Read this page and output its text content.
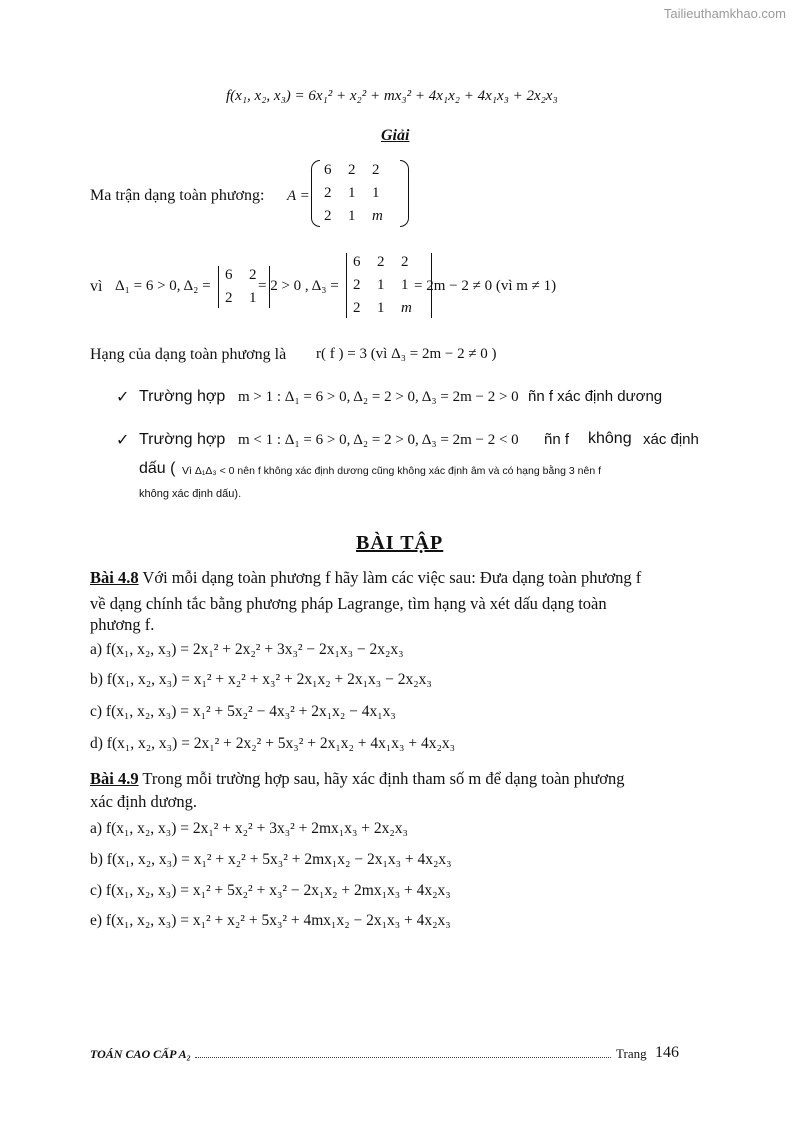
Tailieuthamkhao.com
f(x₁, x₂, x₃) = 6x₁² + x₂² + mx₃² + 4x₁x₂ + 4x₁x₃ + 2x₂x₃
Giải
Ma trận dạng toàn phương: A =
6	2	2
2	1	1
2	1	m
vì Δ₁ = 6 > 0, Δ₂ =
6	2
2	1
= 2 > 0 , Δ₃ =
6	2	2
2	1	1
2	1	m
= 2m − 2 ≠ 0 (vì m ≠ 1)
Hạng của dạng toàn phương là r( f ) = 3 (vì Δ₃ = 2m − 2 ≠ 0 )
✓ Trường hợp m > 1 : Δ₁ = 6 > 0, Δ₂ = 2 > 0, Δ₃ = 2m − 2 > 0 ñn f xác định dương
✓ Trường hợp m < 1 : Δ₁ = 6 > 0, Δ₂ = 2 > 0, Δ₃ = 2m − 2 < 0 ñn f không xác định
dấu ( Vì Δ₁Δ₃ < 0 nên f không xác định dương cũng không xác định âm và có hạng bằng 3 nên f
không xác định dấu).
BÀI TẬP
Bài 4.8 Với mỗi dạng toàn phương f hãy làm các việc sau: Đưa dạng toàn phương f
về dạng chính tắc bằng phương pháp Lagrange, tìm hạng và xét dấu dạng toàn
phương f.
a) f(x₁, x₂, x₃) = 2x₁² + 2x₂² + 3x₃² − 2x₁x₃ − 2x₂x₃
b) f(x₁, x₂, x₃) = x₁² + x₂² + x₃² + 2x₁x₂ + 2x₁x₃ − 2x₂x₃
c) f(x₁, x₂, x₃) = x₁² + 5x₂² − 4x₃² + 2x₁x₂ − 4x₁x₃
d) f(x₁, x₂, x₃) = 2x₁² + 2x₂² + 5x₃² + 2x₁x₂ + 4x₁x₃ + 4x₂x₃
Bài 4.9 Trong mỗi trường hợp sau, hãy xác định tham số m để dạng toàn phương
xác định dương.
a) f(x₁, x₂, x₃) = 2x₁² + x₂² + 3x₃² + 2mx₁x₃ + 2x₂x₃
b) f(x₁, x₂, x₃) = x₁² + x₂² + 5x₃² + 2mx₁x₂ − 2x₁x₃ + 4x₂x₃
c) f(x₁, x₂, x₃) = x₁² + 5x₂² + x₃² − 2x₁x₂ + 2mx₁x₃ + 4x₂x₃
e) f(x₁, x₂, x₃) = x₁² + x₂² + 5x₃² + 4mx₁x₂ − 2x₁x₃ + 4x₂x₃
TOÁN CAO CẤP A₂	Trang 146
